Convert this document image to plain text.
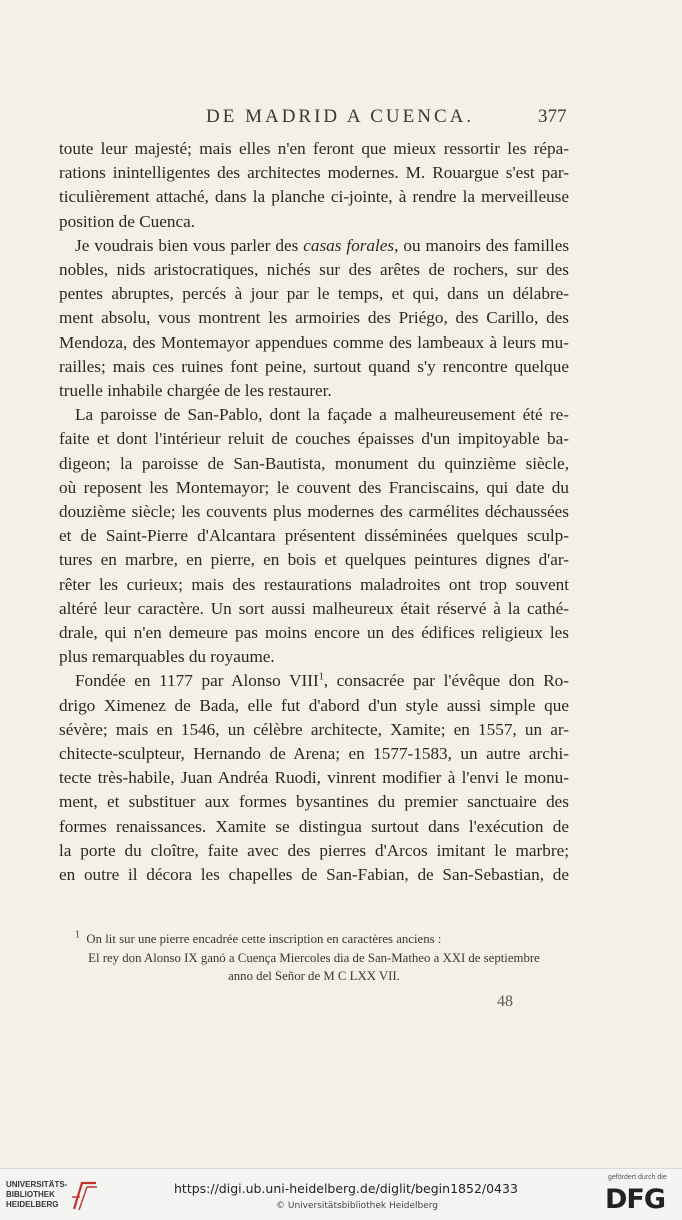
DE MADRID A CUENCA.	377
toute leur majesté; mais elles n'en feront que mieux ressortir les répa-
rations inintelligentes des architectes modernes. M. Rouargue s'est par-
ticulièrement attaché, dans la planche ci-jointe, à rendre la merveilleuse
position de Cuenca.
Je voudrais bien vous parler des casas forales, ou manoirs des familles
nobles, nids aristocratiques, nichés sur des arêtes de rochers, sur des
pentes abruptes, percés à jour par le temps, et qui, dans un délabre-
ment absolu, vous montrent les armoiries des Priégo, des Carillo, des
Mendoza, des Montemayor appendues comme des lambeaux à leurs mu-
railles; mais ces ruines font peine, surtout quand s'y rencontre quelque
truelle inhabile chargée de les restaurer.
La paroisse de San-Pablo, dont la façade a malheureusement été re-
faite et dont l'intérieur reluit de couches épaisses d'un impitoyable ba-
digeon; la paroisse de San-Bautista, monument du quinzième siècle,
où reposent les Montemayor; le couvent des Franciscains, qui date du
douzième siècle; les couvents plus modernes des carmélites déchaussées
et de Saint-Pierre d'Alcantara présentent disséminées quelques sculp-
tures en marbre, en pierre, en bois et quelques peintures dignes d'ar-
rêter les curieux; mais des restaurations maladroites ont trop souvent
altéré leur caractère. Un sort aussi malheureux était réservé à la cathé-
drale, qui n'en demeure pas moins encore un des édifices religieux les
plus remarquables du royaume.
Fondée en 1177 par Alonso VIII$^1$, consacrée par l'évêque don Ro-
drigo Ximenez de Bada, elle fut d'abord d'un style aussi simple que
sévère; mais en 1546, un célèbre architecte, Xamite; en 1557, un ar-
chitecte-sculpteur, Hernando de Arena; en 1577-1583, un autre archi-
tecte très-habile, Juan Andréa Ruodi, vinrent modifier à l'envi le monu-
ment, et substituer aux formes bysantines du premier sanctuaire des
formes renaissances. Xamite se distingua surtout dans l'exécution de
la porte du cloître, faite avec des pierres d'Arcos imitant le marbre;
en outre il décora les chapelles de San-Fabian, de San-Sebastian, de
$^1$ On lit sur une pierre encadrée cette inscription en caractères anciens :
El rey don Alonso IX ganó a Cuença Miercoles dia de San-Matheo a XXI de septiembre
anno del Señor de M C LXX VII.
48
UNIVERSITÄTS-
BIBLIOTHEK
HEIDELBERG
https://digi.ub.uni-heidelberg.de/diglit/begin1852/0433
© Universitätsbibliothek Heidelberg
gefördert durch die
DFG
